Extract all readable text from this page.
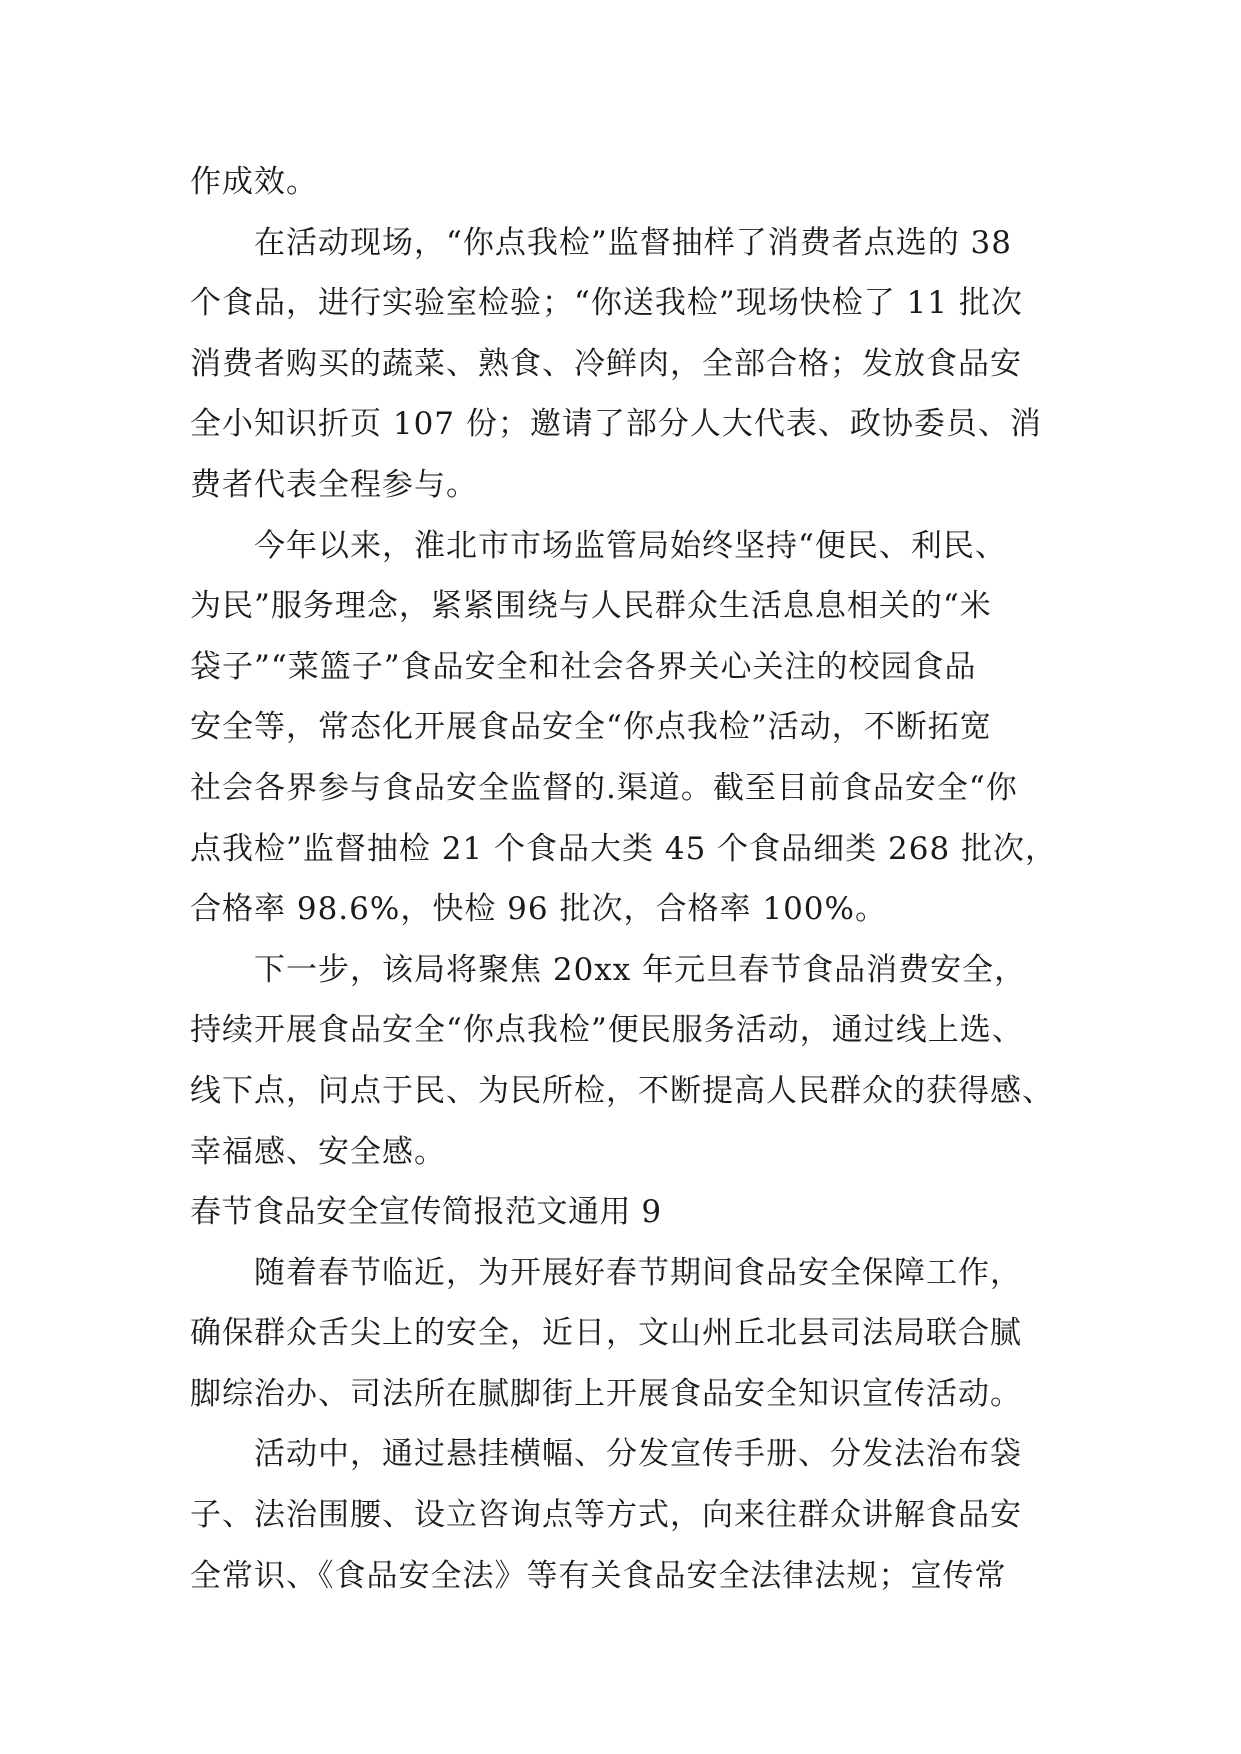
作成效。
　　在活动现场，“你点我检”监督抽样了消费者点选的 38
个食品，进行实验室检验；“你送我检”现场快检了 11 批次
消费者购买的蔬菜、熟食、冷鲜肉，全部合格；发放食品安
全小知识折页 107 份；邀请了部分人大代表、政协委员、消
费者代表全程参与。
　　今年以来，淮北市市场监管局始终坚持“便民、利民、
为民”服务理念，紧紧围绕与人民群众生活息息相关的“米
袋子”“菜篮子”食品安全和社会各界关心关注的校园食品
安全等，常态化开展食品安全“你点我检”活动，不断拓宽
社会各界参与食品安全监督的.渠道。截至目前食品安全“你
点我检”监督抽检 21 个食品大类 45 个食品细类 268 批次，
合格率 98.6%，快检 96 批次，合格率 100%。
　　下一步，该局将聚焦 20xx 年元旦春节食品消费安全，
持续开展食品安全“你点我检”便民服务活动，通过线上选、
线下点，问点于民、为民所检，不断提高人民群众的获得感、
幸福感、安全感。
春节食品安全宣传简报范文通用 9
　　随着春节临近，为开展好春节期间食品安全保障工作，
确保群众舌尖上的安全，近日，文山州丘北县司法局联合腻
脚综治办、司法所在腻脚街上开展食品安全知识宣传活动。
　　活动中，通过悬挂横幅、分发宣传手册、分发法治布袋
子、法治围腰、设立咨询点等方式，向来往群众讲解食品安
全常识、《食品安全法》等有关食品安全法律法规；宣传常
